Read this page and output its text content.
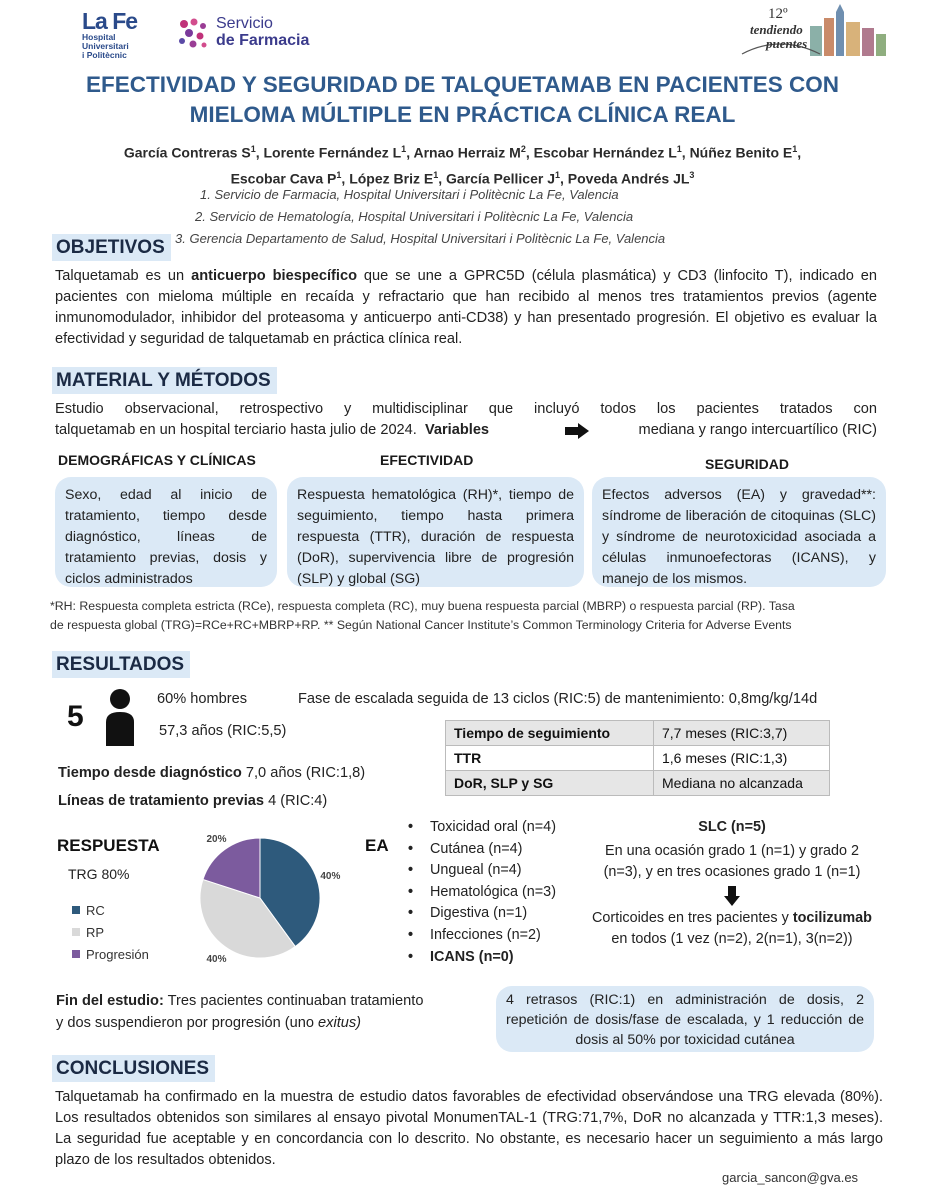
La Fe
Hospital
Universitari
i Politècnic
Servicio
de Farmacia
12º
tendiendo
puentes
EFECTIVIDAD Y SEGURIDAD DE TALQUETAMAB EN PACIENTES CON
MIELOMA MÚLTIPLE EN PRÁCTICA CLÍNICA REAL
García Contreras $S^1$, Lorente Fernández $L^1$, Arnao Herraiz $M^2$, Escobar Hernández $L^1$, Núñez Benito $E^1$,
Escobar Cava $P^1$, López Briz $E^1$, García Pellicer $J^1$, Poveda Andrés $JL^3$
1. Servicio de Farmacia, Hospital Universitari i Politècnic La Fe, Valencia
2. Servicio de Hematología, Hospital Universitari i Politècnic La Fe, Valencia
3. Gerencia Departamento de Salud, Hospital Universitari i Politècnic La Fe, Valencia
OBJETIVOS
Talquetamab es un anticuerpo biespecífico que se une a GPRC5D (célula plasmática) y CD3 (linfocito T), indicado en pacientes con mieloma múltiple en recaída y refractario que han recibido al menos tres tratamientos previos (agente inmunomodulador, inhibidor del proteasoma y anticuerpo anti-CD38) y han presentado progresión. El objetivo es evaluar la efectividad y seguridad de talquetamab en práctica clínica real.
MATERIAL Y MÉTODOS
Estudio observacional, retrospectivo y multidisciplinar que incluyó todos los pacientes tratados con
talquetamab en un hospital terciario hasta julio de 2024. Variables	mediana y rango intercuartílico (RIC)
DEMOGRÁFICAS Y CLÍNICAS	EFECTIVIDAD	SEGURIDAD
Sexo, edad al inicio de tratamiento, tiempo desde diagnóstico, líneas de tratamiento previas, dosis y ciclos administrados
Respuesta hematológica (RH)*, tiempo de seguimiento, tiempo hasta primera respuesta (TTR), duración de respuesta (DoR), supervivencia libre de progresión (SLP) y global (SG)
Efectos adversos (EA) y gravedad**: síndrome de liberación de citoquinas (SLC) y síndrome de neurotoxicidad asociada a células inmunoefectoras (ICANS), y manejo de los mismos.
*RH: Respuesta completa estricta (RCe), respuesta completa (RC), muy buena respuesta parcial (MBRP) o respuesta parcial (RP). Tasa
de respuesta global (TRG)=RCe+RC+MBRP+RP. ** Según National Cancer Institute’s Common Terminology Criteria for Adverse Events
RESULTADOS
5
60% hombres
57,3 años (RIC:5,5)
Fase de escalada seguida de 13 ciclos (RIC:5) de mantenimiento: 0,8mg/kg/14d
Tiempo desde diagnóstico 7,0 años (RIC:1,8)
Líneas de tratamiento previas 4 (RIC:4)
Tiempo de seguimiento	7,7 meses (RIC:3,7)
TTR	1,6 meses (RIC:1,3)
DoR, SLP y SG	Mediana no alcanzada
RESPUESTA
TRG 80%
RC
RP
Progresión
40%
40%
20%	EA
• Toxicidad oral (n=4)
• Cutánea (n=4)
• Ungueal (n=4)
• Hematológica (n=3)
• Digestiva (n=1)
• Infecciones (n=2)
• ICANS (n=0)
SLC (n=5)
En una ocasión grado 1 (n=1) y grado 2
(n=3), y en tres ocasiones grado 1 (n=1)
Corticoides en tres pacientes y tocilizumab
en todos (1 vez (n=2), 2(n=1), 3(n=2))
Fin del estudio: Tres pacientes continuaban tratamiento
y dos suspendieron por progresión (uno exitus)
4 retrasos (RIC:1) en administración de dosis, 2 repetición de dosis/fase de escalada, y 1 reducción de dosis al 50% por toxicidad cutánea
CONCLUSIONES
Talquetamab ha confirmado en la muestra de estudio datos favorables de efectividad observándose una TRG elevada (80%). Los resultados obtenidos son similares al ensayo pivotal MonumenTAL-1 (TRG:71,7%, DoR no alcanzada y TTR:1,3 meses). La seguridad fue aceptable y en concordancia con lo descrito. No obstante, es necesario hacer un seguimiento a más largo plazo de los resultados obtenidos.
garcia_sancon@gva.es
